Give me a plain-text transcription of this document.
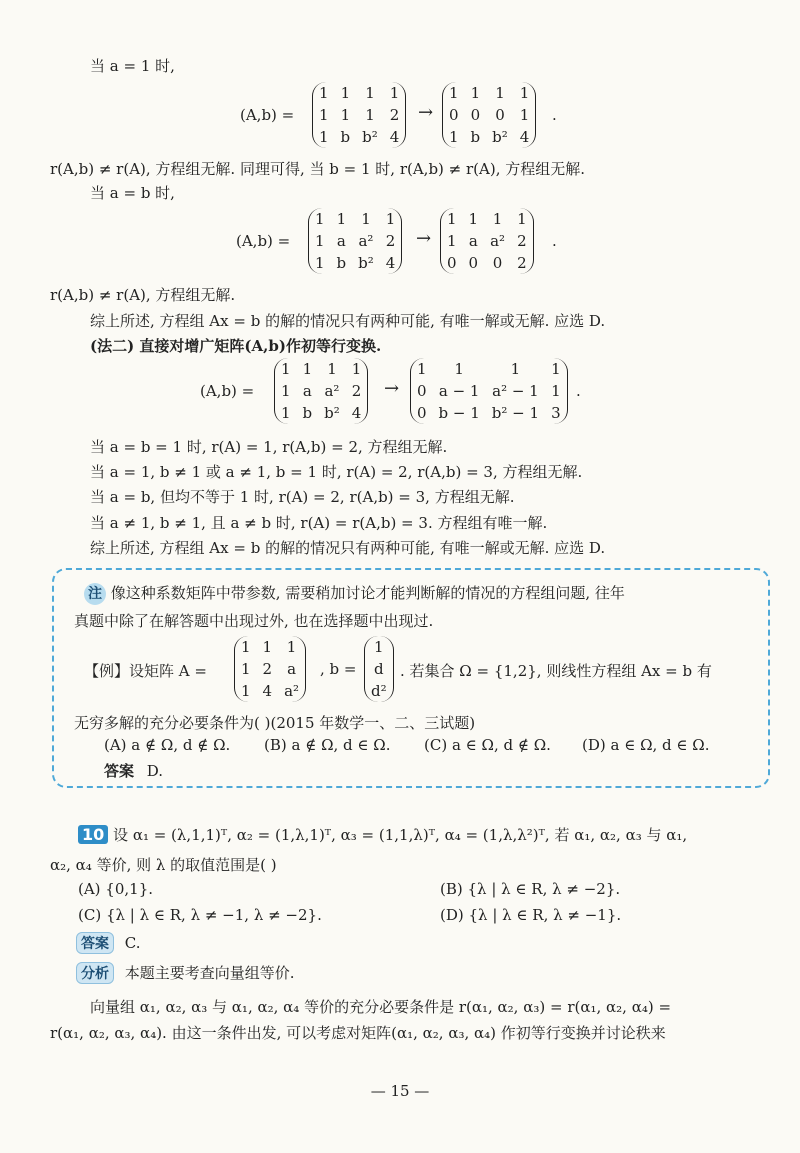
当 a = 1 时,
(A,b) =
1	1	1	1
1	1	1	2
1	b	b²	4
→
1	1	1	1
0	0	0	1
1	b	b²	4
.
r(A,b) ≠ r(A), 方程组无解. 同理可得, 当 b = 1 时, r(A,b) ≠ r(A), 方程组无解.
当 a = b 时,
(A,b) =
1	1	1	1
1	a	a²	2
1	b	b²	4
→
1	1	1	1
1	a	a²	2
0	0	0	2
.
r(A,b) ≠ r(A), 方程组无解.
综上所述, 方程组 Ax = b 的解的情况只有两种可能, 有唯一解或无解. 应选 D.
(法二) 直接对增广矩阵(A,b)作初等行变换.
(A,b) =
1	1	1	1
1	a	a²	2
1	b	b²	4
→
1	1	1	1
0	a − 1	a² − 1	1
0	b − 1	b² − 1	3
.
当 a = b = 1 时, r(A) = 1, r(A,b) = 2, 方程组无解.
当 a = 1, b ≠ 1 或 a ≠ 1, b = 1 时, r(A) = 2, r(A,b) = 3, 方程组无解.
当 a = b, 但均不等于 1 时, r(A) = 2, r(A,b) = 3, 方程组无解.
当 a ≠ 1, b ≠ 1, 且 a ≠ b 时, r(A) = r(A,b) = 3. 方程组有唯一解.
综上所述, 方程组 Ax = b 的解的情况只有两种可能, 有唯一解或无解. 应选 D.
注 像这种系数矩阵中带参数, 需要稍加讨论才能判断解的情况的方程组问题, 往年
真题中除了在解答题中出现过外, 也在选择题中出现过.
【例】设矩阵 A =
1	1	1
1	2	a
1	4	a²
, b =
1
d
d²
. 若集合 Ω = {1,2}, 则线性方程组 Ax = b 有
无穷多解的充分必要条件为( )(2015 年数学一、二、三试题)
(A) a ∉ Ω, d ∉ Ω. (B) a ∉ Ω, d ∈ Ω. (C) a ∈ Ω, d ∉ Ω. (D) a ∈ Ω, d ∈ Ω.
答案 D.
10 设 α₁ = (λ,1,1)ᵀ, α₂ = (1,λ,1)ᵀ, α₃ = (1,1,λ)ᵀ, α₄ = (1,λ,λ²)ᵀ, 若 α₁, α₂, α₃ 与 α₁,
α₂, α₄ 等价, 则 λ 的取值范围是( )
(A) {0,1}.	(B) {λ | λ ∈ R, λ ≠ −2}.
(C) {λ | λ ∈ R, λ ≠ −1, λ ≠ −2}.	(D) {λ | λ ∈ R, λ ≠ −1}.
答案 C.
分析 本题主要考查向量组等价.
向量组 α₁, α₂, α₃ 与 α₁, α₂, α₄ 等价的充分必要条件是 r(α₁, α₂, α₃) = r(α₁, α₂, α₄) =
r(α₁, α₂, α₃, α₄). 由这一条件出发, 可以考虑对矩阵(α₁, α₂, α₃, α₄) 作初等行变换并讨论秩来
— 15 —
